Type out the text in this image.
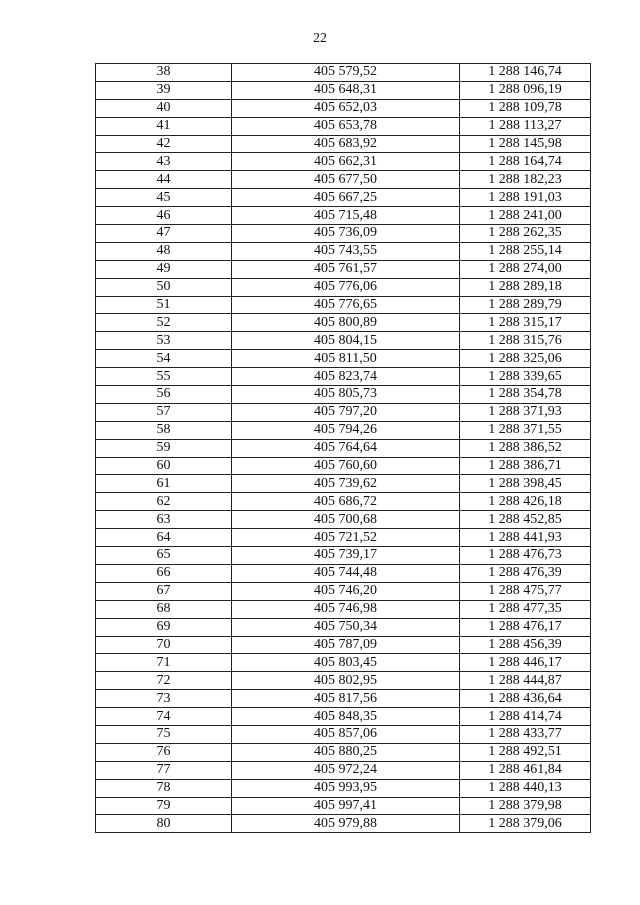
22
38	405 579,52	1 288 146,74
39	405 648,31	1 288 096,19
40	405 652,03	1 288 109,78
41	405 653,78	1 288 113,27
42	405 683,92	1 288 145,98
43	405 662,31	1 288 164,74
44	405 677,50	1 288 182,23
45	405 667,25	1 288 191,03
46	405 715,48	1 288 241,00
47	405 736,09	1 288 262,35
48	405 743,55	1 288 255,14
49	405 761,57	1 288 274,00
50	405 776,06	1 288 289,18
51	405 776,65	1 288 289,79
52	405 800,89	1 288 315,17
53	405 804,15	1 288 315,76
54	405 811,50	1 288 325,06
55	405 823,74	1 288 339,65
56	405 805,73	1 288 354,78
57	405 797,20	1 288 371,93
58	405 794,26	1 288 371,55
59	405 764,64	1 288 386,52
60	405 760,60	1 288 386,71
61	405 739,62	1 288 398,45
62	405 686,72	1 288 426,18
63	405 700,68	1 288 452,85
64	405 721,52	1 288 441,93
65	405 739,17	1 288 476,73
66	405 744,48	1 288 476,39
67	405 746,20	1 288 475,77
68	405 746,98	1 288 477,35
69	405 750,34	1 288 476,17
70	405 787,09	1 288 456,39
71	405 803,45	1 288 446,17
72	405 802,95	1 288 444,87
73	405 817,56	1 288 436,64
74	405 848,35	1 288 414,74
75	405 857,06	1 288 433,77
76	405 880,25	1 288 492,51
77	405 972,24	1 288 461,84
78	405 993,95	1 288 440,13
79	405 997,41	1 288 379,98
80	405 979,88	1 288 379,06
